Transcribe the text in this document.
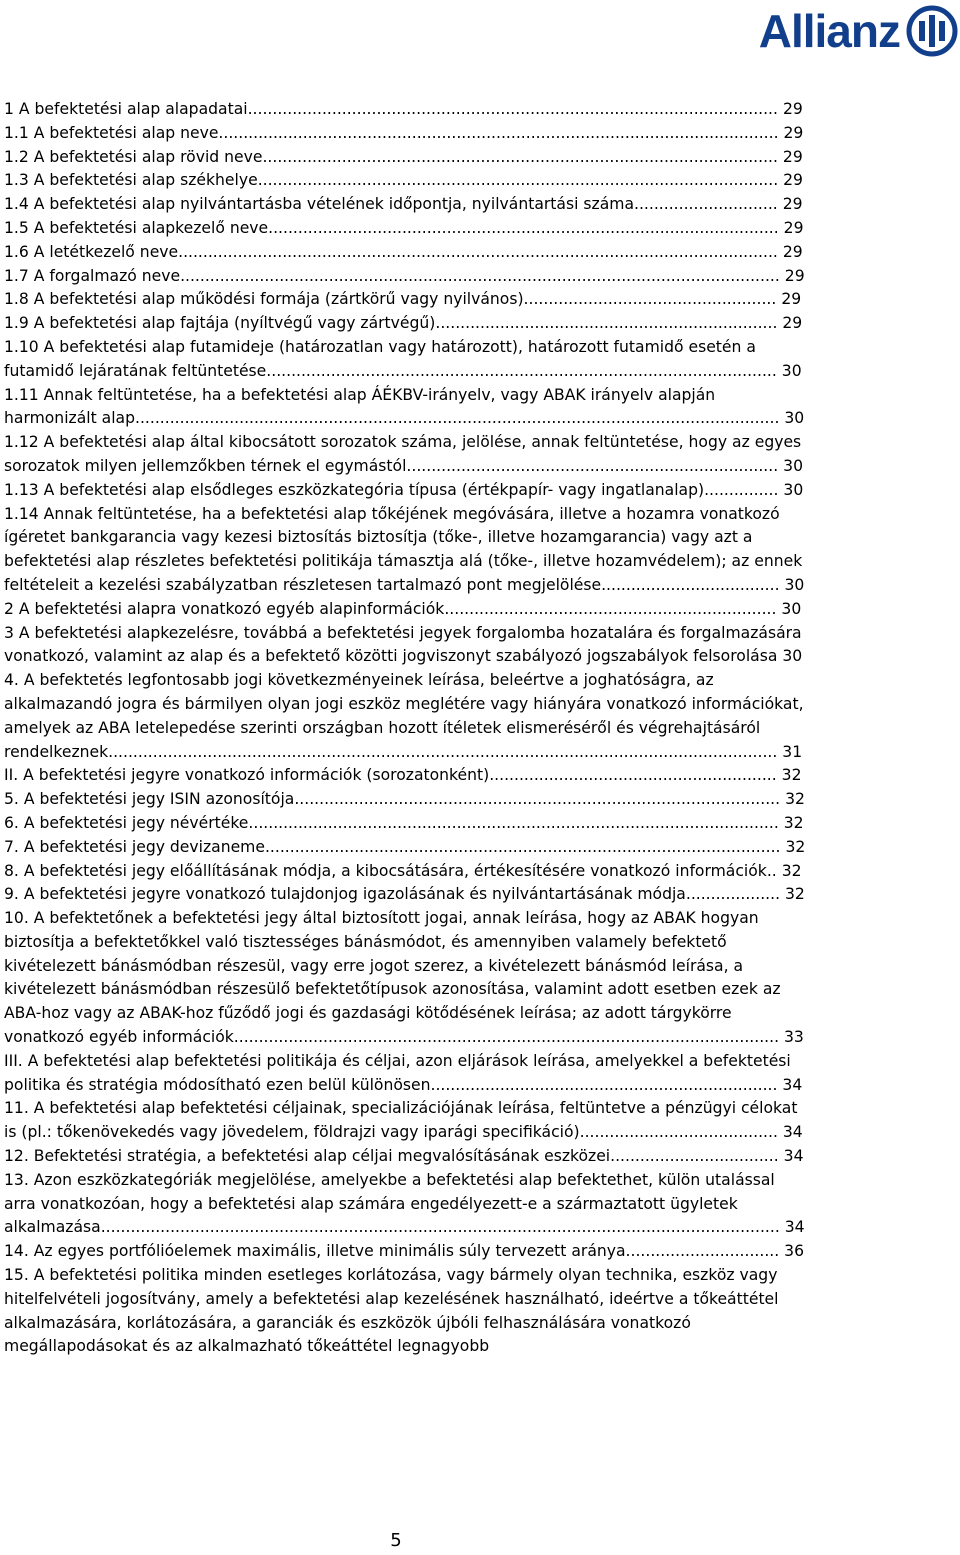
Allianz
1 A befektetési alap alapadatai........................................................................................................... 29
1.1 A befektetési alap neve................................................................................................................. 29
1.2 A befektetési alap rövid neve........................................................................................................ 29
1.3 A befektetési alap székhelye......................................................................................................... 29
1.4 A befektetési alap nyilvántartásba vételének időpontja, nyilvántartási száma............................. 29
1.5 A befektetési alapkezelő neve....................................................................................................... 29
1.6 A letétkezelő neve......................................................................................................................... 29
1.7 A forgalmazó neve......................................................................................................................... 29
1.8 A befektetési alap működési formája (zártkörű vagy nyilvános)................................................... 29
1.9 A befektetési alap fajtája (nyíltvégű vagy zártvégű)..................................................................... 29
1.10 A befektetési alap futamideje (határozatlan vagy határozott), határozott futamidő esetén a futamidő lejáratának feltüntetése....................................................................................................... 30
1.11 Annak feltüntetése, ha a befektetési alap ÁÉKBV-irányelv, vagy ABAK irányelv alapján harmonizált alap.................................................................................................................................. 30
1.12 A befektetési alap által kibocsátott sorozatok száma, jelölése, annak feltüntetése, hogy az egyes sorozatok milyen jellemzőkben térnek el egymástól........................................................................... 30
1.13 A befektetési alap elsődleges eszközkategória típusa (értékpapír- vagy ingatlanalap)............... 30
1.14 Annak feltüntetése, ha a befektetési alap tőkéjének megóvására, illetve a hozamra vonatkozó ígéretet bankgarancia vagy kezesi biztosítás biztosítja (tőke-, illetve hozamgarancia) vagy azt a befektetési alap részletes befektetési politikája támasztja alá (tőke-, illetve hozamvédelem); az ennek feltételeit a kezelési szabályzatban részletesen tartalmazó pont megjelölése.................................... 30
2 A befektetési alapra vonatkozó egyéb alapinformációk................................................................... 30
3 A befektetési alapkezelésre, továbbá a befektetési jegyek forgalomba hozatalára és forgalmazására vonatkozó, valamint az alap és a befektető közötti jogviszonyt szabályozó jogszabályok felsorolása 30
4. A befektetés legfontosabb jogi következményeinek leírása, beleértve a joghatóságra, az alkalmazandó jogra és bármilyen olyan jogi eszköz meglétére vagy hiányára vonatkozó információkat, amelyek az ABA letelepedése szerinti országban hozott ítéletek elismeréséről és végrehajtásáról rendelkeznek....................................................................................................................................... 31
II. A befektetési jegyre vonatkozó információk (sorozatonként).......................................................... 32
5. A befektetési jegy ISIN azonosítója.................................................................................................. 32
6. A befektetési jegy névértéke........................................................................................................... 32
7. A befektetési jegy devizaneme........................................................................................................ 32
8. A befektetési jegy előállításának módja, a kibocsátására, értékesítésére vonatkozó információk.. 32
9. A befektetési jegyre vonatkozó tulajdonjog igazolásának és nyilvántartásának módja................... 32
10. A befektetőnek a befektetési jegy által biztosított jogai, annak leírása, hogy az ABAK hogyan biztosítja a befektetőkkel való tisztességes bánásmódot, és amennyiben valamely befektető kivételezett bánásmódban részesül, vagy erre jogot szerez, a kivételezett bánásmód leírása, a kivételezett bánásmódban részesülő befektetőtípusok azonosítása, valamint adott esetben ezek az ABA-hoz vagy az ABAK-hoz fűződő jogi és gazdasági kötődésének leírása; az adott tárgykörre vonatkozó egyéb információk.............................................................................................................. 33
III. A befektetési alap befektetési politikája és céljai, azon eljárások leírása, amelyekkel a befektetési politika és stratégia módosítható ezen belül különösen...................................................................... 34
11. A befektetési alap befektetési céljainak, specializációjának leírása, feltüntetve a pénzügyi célokat is (pl.: tőkenövekedés vagy jövedelem, földrajzi vagy iparági specifikáció)........................................ 34
12. Befektetési stratégia, a befektetési alap céljai megvalósításának eszközei.................................. 34
13. Azon eszközkategóriák megjelölése, amelyekbe a befektetési alap befektethet, külön utalással arra vonatkozóan, hogy a befektetési alap számára engedélyezett-e a származtatott ügyletek alkalmazása......................................................................................................................................... 34
14. Az egyes portfólióelemek maximális, illetve minimális súly tervezett aránya............................... 36
15. A befektetési politika minden esetleges korlátozása, vagy bármely olyan technika, eszköz vagy hitelfelvételi jogosítvány, amely a befektetési alap kezelésének használható, ideértve a tőkeáttétel alkalmazására, korlátozására, a garanciák és eszközök újbóli felhasználására vonatkozó megállapodásokat és az alkalmazható tőkeáttétel legnagyobb
5
